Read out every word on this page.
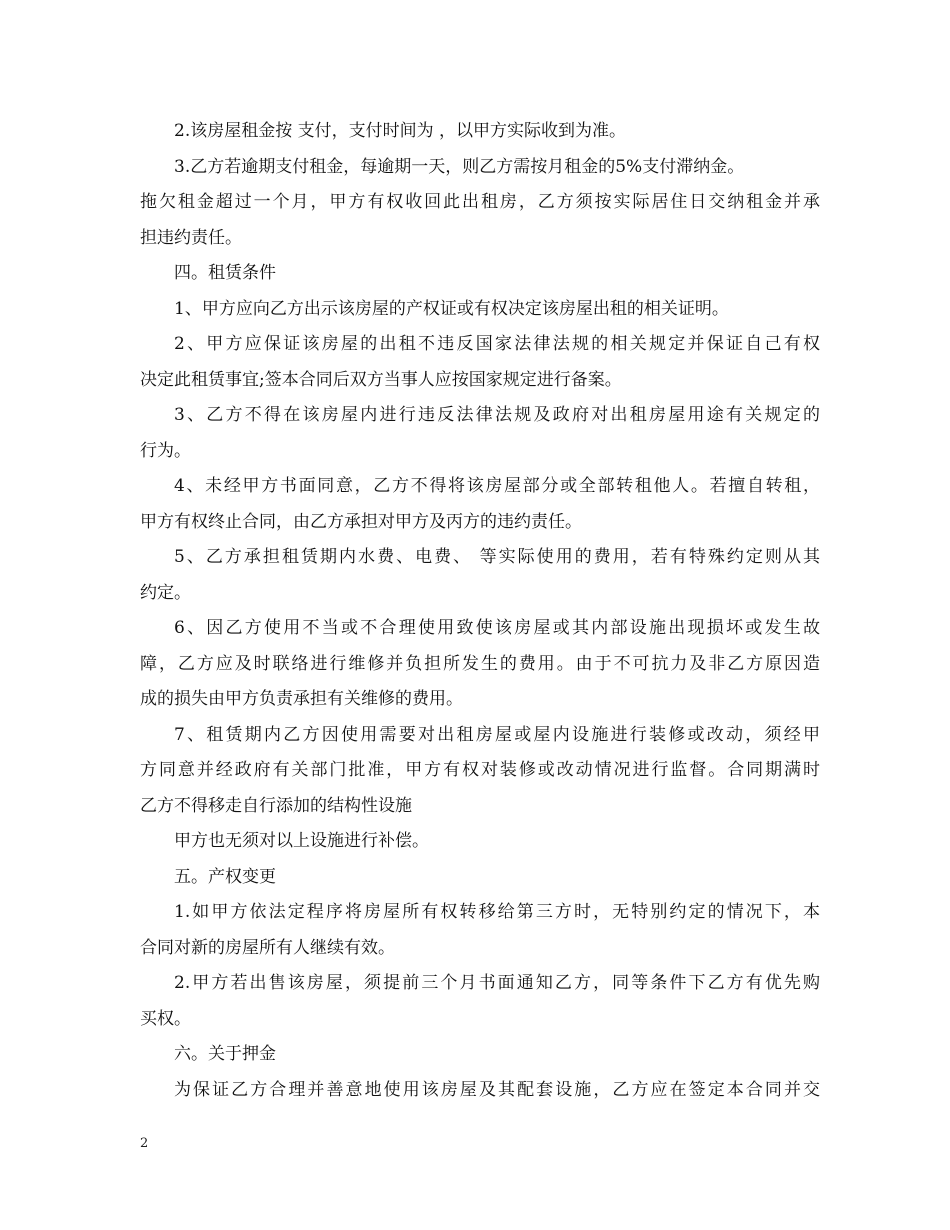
2.该房屋租金按 支付，支付时间为 ，以甲方实际收到为准。
3.乙方若逾期支付租金，每逾期一天，则乙方需按月租金的5%支付滞纳金。
拖欠租金超过一个月，甲方有权收回此出租房，乙方须按实际居住日交纳租金并承
担违约责任。
四。租赁条件
1、甲方应向乙方出示该房屋的产权证或有权决定该房屋出租的相关证明。
2、甲方应保证该房屋的出租不违反国家法律法规的相关规定并保证自己有权
决定此租赁事宜;签本合同后双方当事人应按国家规定进行备案。
3、乙方不得在该房屋内进行违反法律法规及政府对出租房屋用途有关规定的
行为。
4、未经甲方书面同意，乙方不得将该房屋部分或全部转租他人。若擅自转租，
甲方有权终止合同，由乙方承担对甲方及丙方的违约责任。
5、乙方承担租赁期内水费、电费、 等实际使用的费用，若有特殊约定则从其
约定。
6、因乙方使用不当或不合理使用致使该房屋或其内部设施出现损坏或发生故
障，乙方应及时联络进行维修并负担所发生的费用。由于不可抗力及非乙方原因造
成的损失由甲方负责承担有关维修的费用。
7、租赁期内乙方因使用需要对出租房屋或屋内设施进行装修或改动，须经甲
方同意并经政府有关部门批准，甲方有权对装修或改动情况进行监督。合同期满时
乙方不得移走自行添加的结构性设施
甲方也无须对以上设施进行补偿。
五。产权变更
1.如甲方依法定程序将房屋所有权转移给第三方时，无特别约定的情况下，本
合同对新的房屋所有人继续有效。
2.甲方若出售该房屋，须提前三个月书面通知乙方，同等条件下乙方有优先购
买权。
六。关于押金
为保证乙方合理并善意地使用该房屋及其配套设施，乙方应在签定本合同并交
2
